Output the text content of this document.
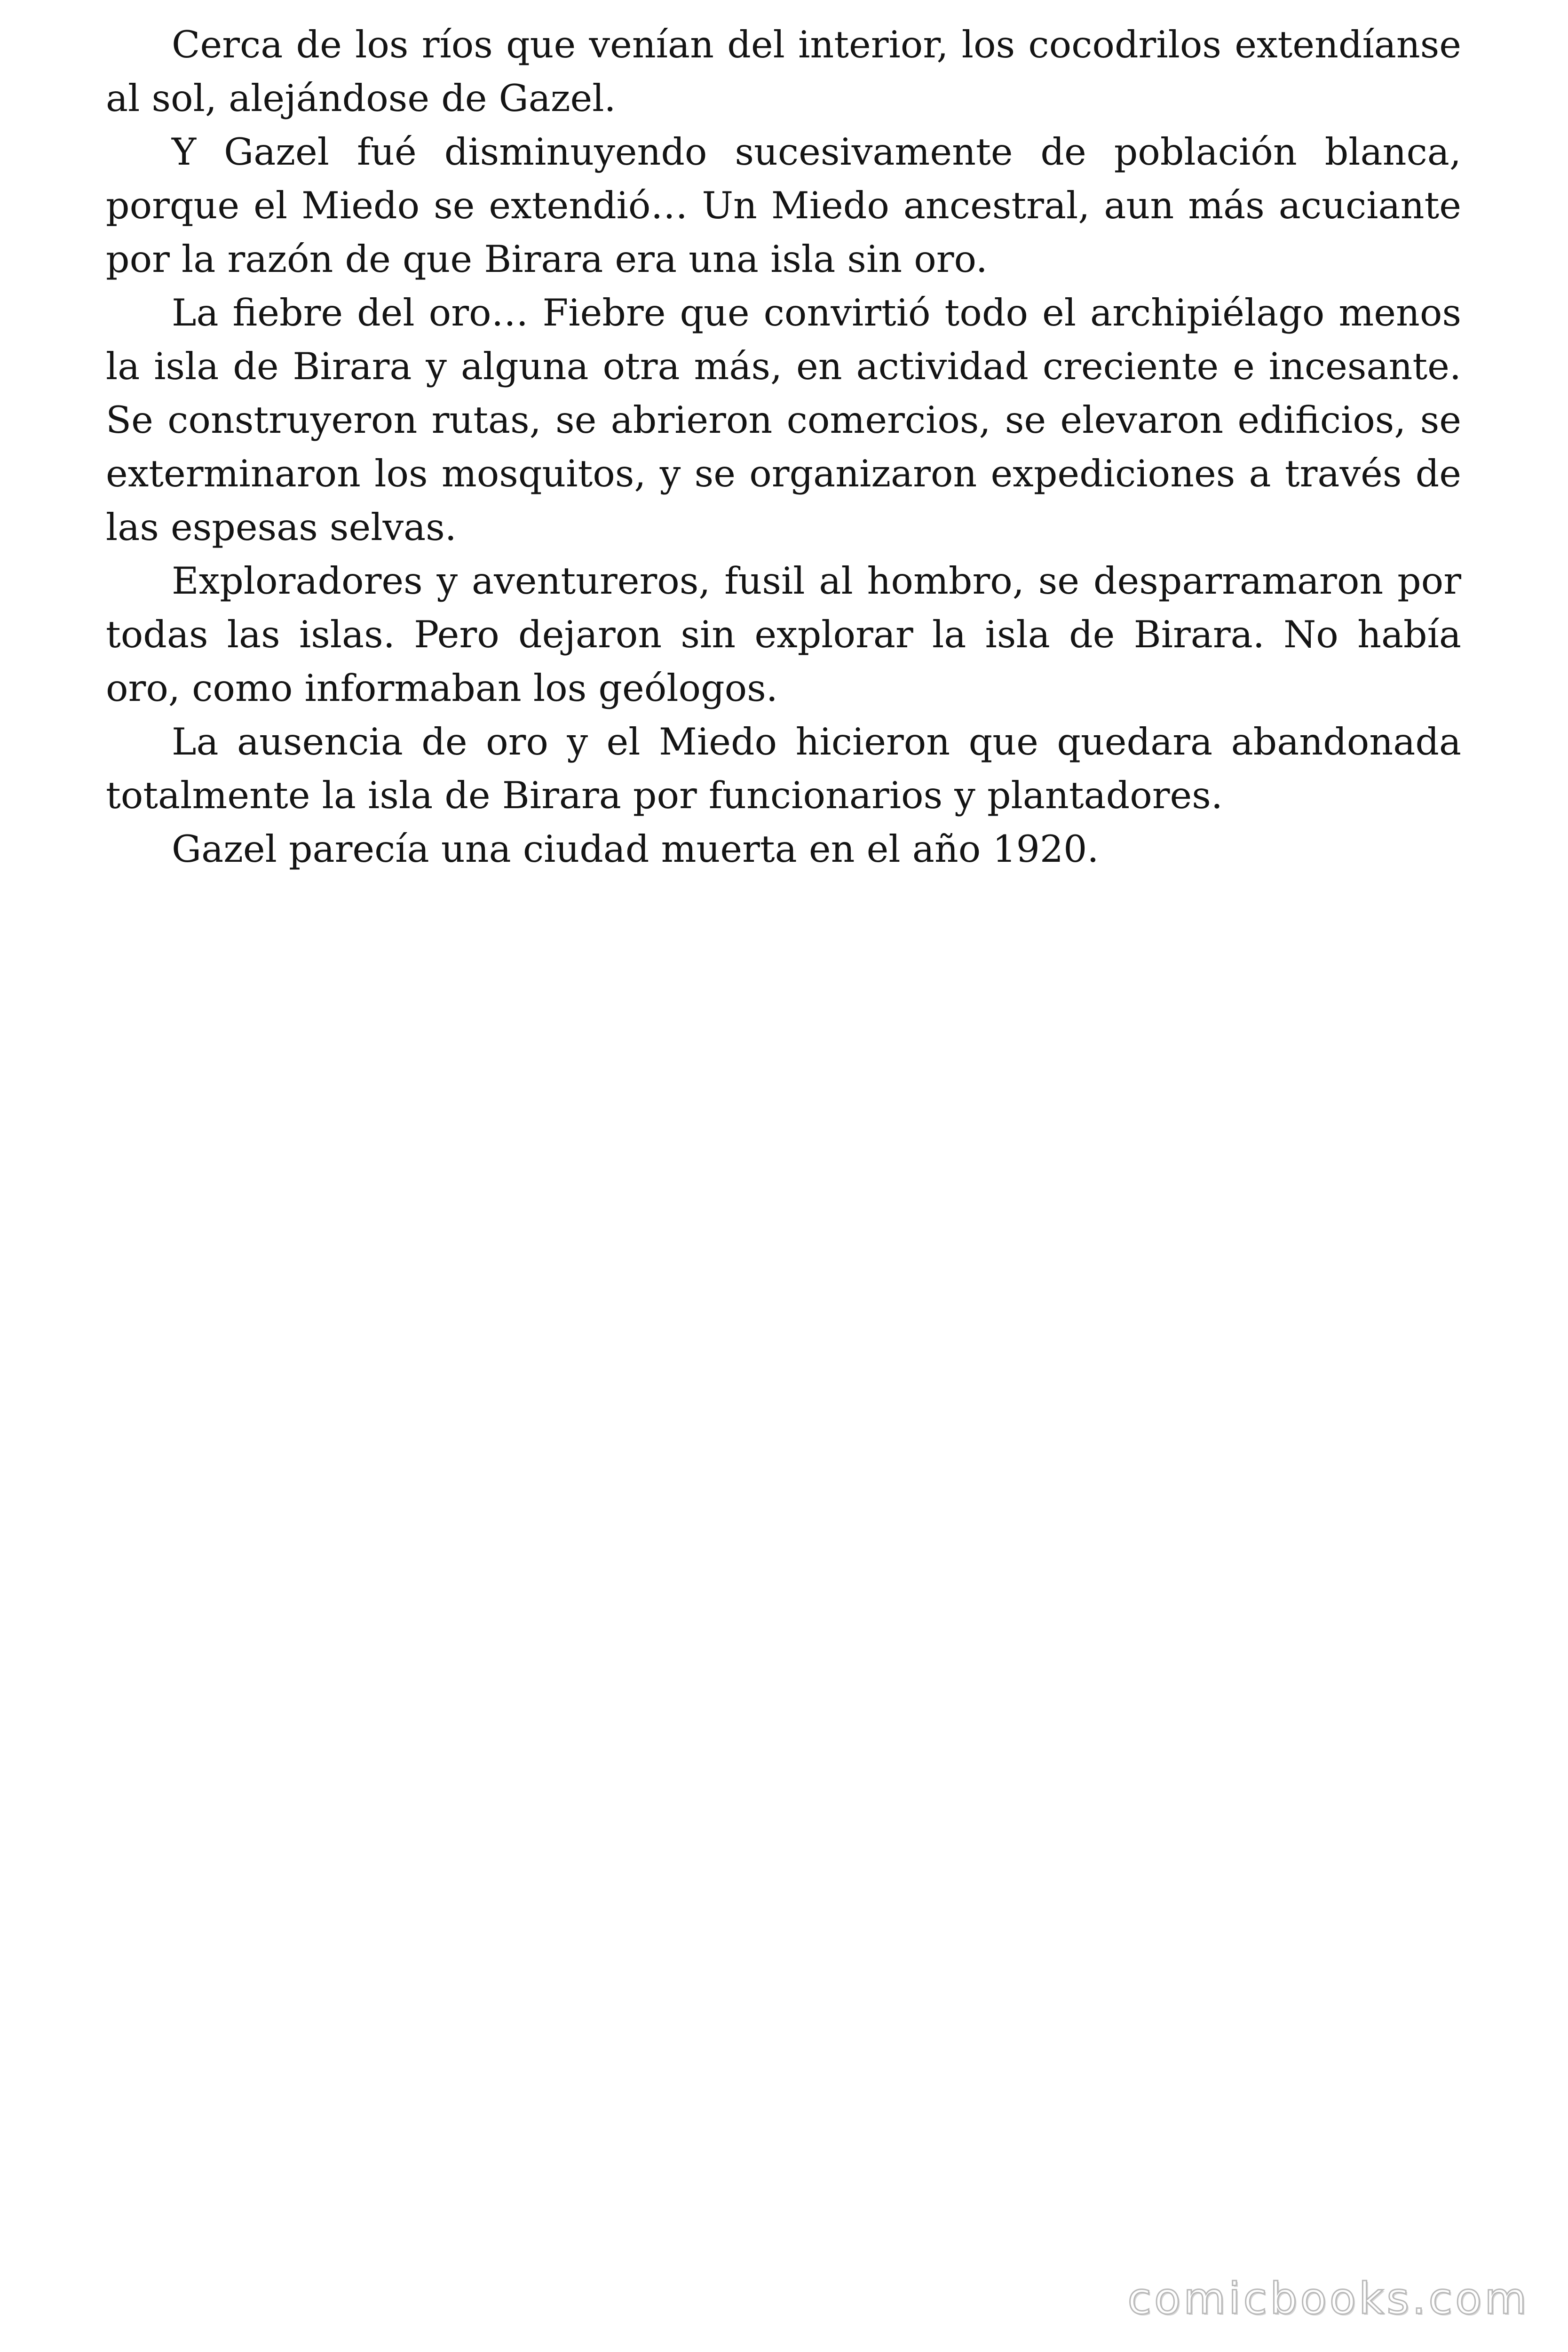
Cerca de los ríos que venían del interior, los cocodrilos extendíanse al sol, alejándose de Gazel.

Y Gazel fué disminuyendo sucesivamente de población blanca, porque el Miedo se extendió… Un Miedo ancestral, aun más acuciante por la razón de que Birara era una isla sin oro.

La fiebre del oro… Fiebre que convirtió todo el archipiélago menos la isla de Birara y alguna otra más, en actividad creciente e incesante. Se construyeron rutas, se abrieron comercios, se elevaron edificios, se exterminaron los mosquitos, y se organizaron expediciones a través de las espesas selvas.

Exploradores y aventureros, fusil al hombro, se desparramaron por todas las islas. Pero dejaron sin explorar la isla de Birara. No había oro, como informaban los geólogos.

La ausencia de oro y el Miedo hicieron que quedara abandonada totalmente la isla de Birara por funcionarios y plantadores.

Gazel parecía una ciudad muerta en el año 1920.

comicbooks.com
